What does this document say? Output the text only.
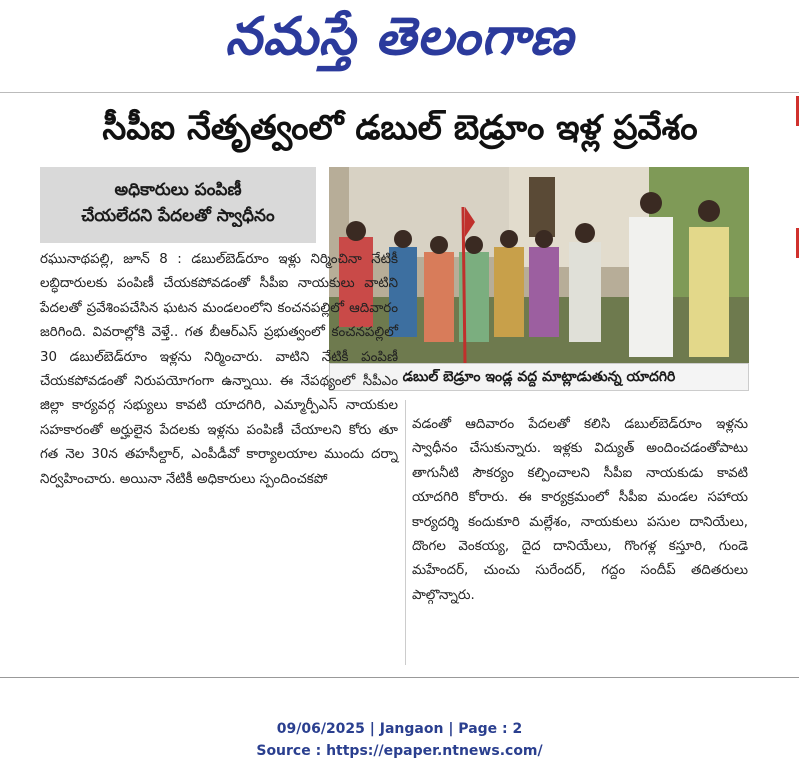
నమస్తే తెలంగాణ
సీపీఐ నేతృత్వంలో డబుల్ బెడ్రూం ఇళ్ల ప్రవేశం
అధికారులు పంపిణీ
చేయలేదని పేదలతో స్వాధీనం
డబుల్ బెడ్రూం ఇండ్ల వద్ద మాట్లాడుతున్న యాదగిరి

రఘునాథపల్లి, జూన్ 8 : డబుల్‌బెడ్‌రూం ఇళ్లు నిర్మించినా నేటికీ లబ్ధిదారులకు పంపిణీ చేయకపోవడంతో సీపీఐ నాయకులు వాటిని పేదలతో ప్రవేశింపచేసిన ఘటన మండలంలోని కంచనపల్లిలో ఆదివారం జరిగింది. వివరాల్లోకి వెళ్తే.. గత బీఆర్‌ఎస్ ప్రభుత్వంలో కంచనపల్లిలో 30 డబుల్‌బెడ్‌రూం ఇళ్లను నిర్మించారు. వాటిని నేటికీ పంపిణీ చేయకపోవడంతో నిరుపయోగంగా ఉన్నాయి. ఈ నేపథ్యంలో సీపీఎం జిల్లా కార్యవర్గ సభ్యులు కావటి యాదగిరి, ఎమ్మార్పీఎస్ నాయకుల సహకారంతో అర్హులైన పేదలకు ఇళ్లను పంపిణీ చేయాలని కోరు తూ గత నెల 30న తహసీల్దార్, ఎంపీడీవో కార్యాలయాల ముందు దర్నా నిర్వహించారు. అయినా నేటికీ అధికారులు స్పందించకపో

వడంతో ఆదివారం పేదలతో కలిసి డబుల్‌బెడ్‌రూం ఇళ్లను స్వాధీనం చేసుకున్నారు. ఇళ్లకు విద్యుత్ అందించడంతోపాటు తాగునీటి సౌకర్యం కల్పించాలని సీపీఐ నాయకుడు కావటి యాదగిరి కోరారు. ఈ కార్యక్రమంలో సీపీఐ మండల సహాయ కార్యదర్శి కందుకూరి మల్లేశం, నాయకులు పసుల దానియేలు, దొంగల వెంకయ్య, దైద దానియేలు, గొంగళ్ల కస్తూరి, గుండె మహేందర్, చుంచు సురేందర్, గద్దం సందీప్ తదితరులు పాల్గొన్నారు.

09/06/2025 | Jangaon | Page : 2
Source : https://epaper.ntnews.com/
